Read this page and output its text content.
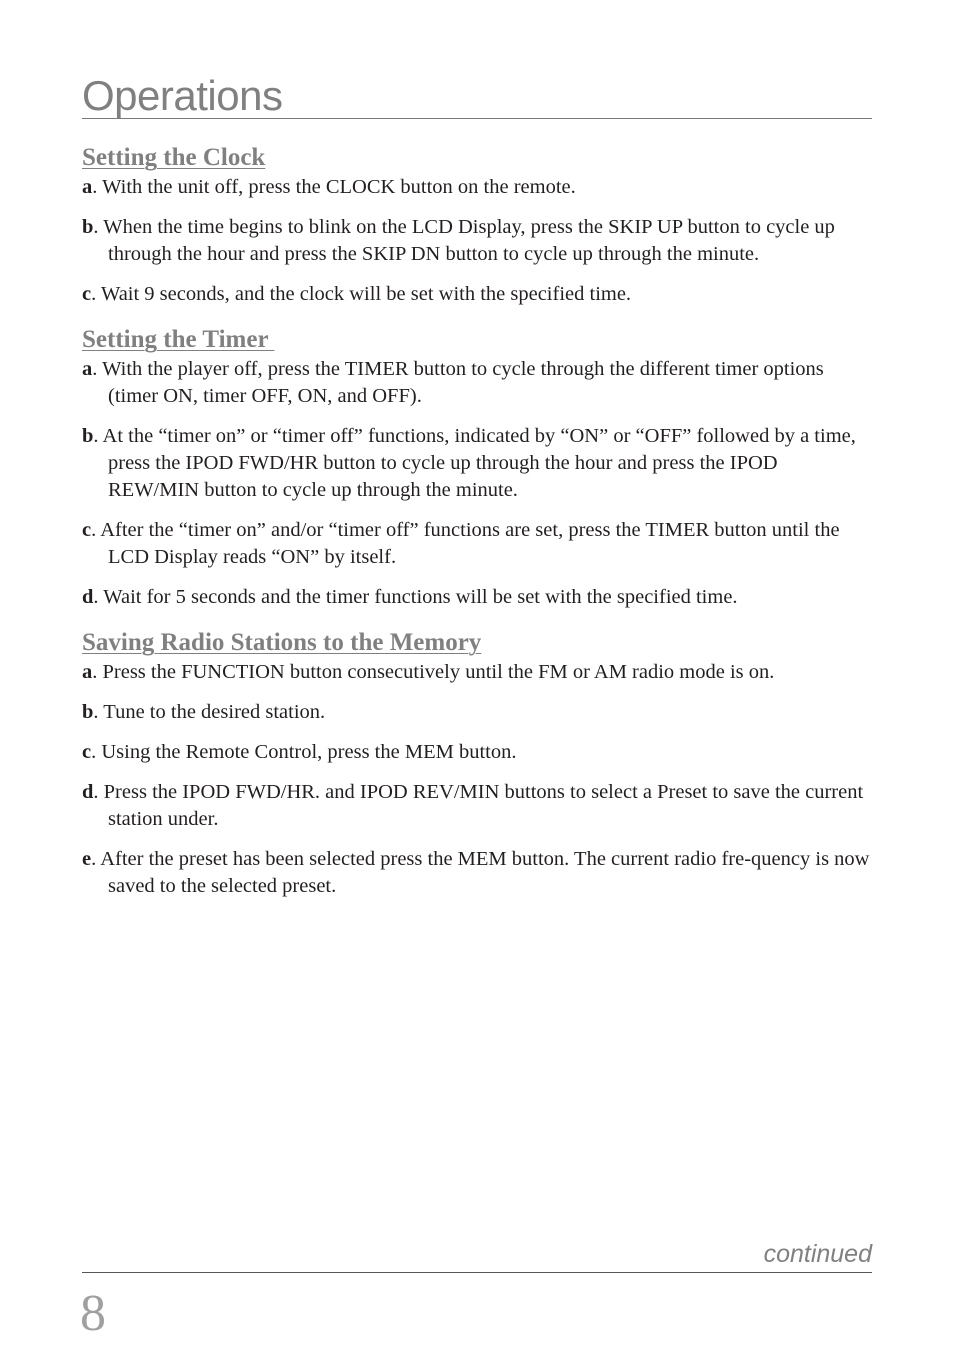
Operations
Setting the Clock

a. With the unit off, press the CLOCK button on the remote.

b. When the time begins to blink on the LCD Display, press the SKIP UP button to cycle up through the hour and press the SKIP DN button to cycle up through the minute.

c. Wait 9 seconds, and the clock will be set with the specified time.

Setting the Timer

a. With the player off, press the TIMER button to cycle through the different timer options (timer ON, timer OFF, ON, and OFF).

b. At the “timer on” or “timer off” functions, indicated by “ON” or “OFF” followed by a time, press the IPOD FWD/HR button to cycle up through the hour and press the IPOD REW/MIN button to cycle up through the minute.

c. After the “timer on” and/or “timer off” functions are set, press the TIMER button until the LCD Display reads “ON” by itself.

d. Wait for 5 seconds and the timer functions will be set with the specified time.

Saving Radio Stations to the Memory

a. Press the FUNCTION button consecutively until the FM or AM radio mode is on.

b. Tune to the desired station.

c. Using the Remote Control, press the MEM button.

d. Press the IPOD FWD/HR. and IPOD REV/MIN buttons to select a Preset to save the current station under.

e. After the preset has been selected press the MEM button. The current radio fre-quency is now saved to the selected preset.

continued
8
